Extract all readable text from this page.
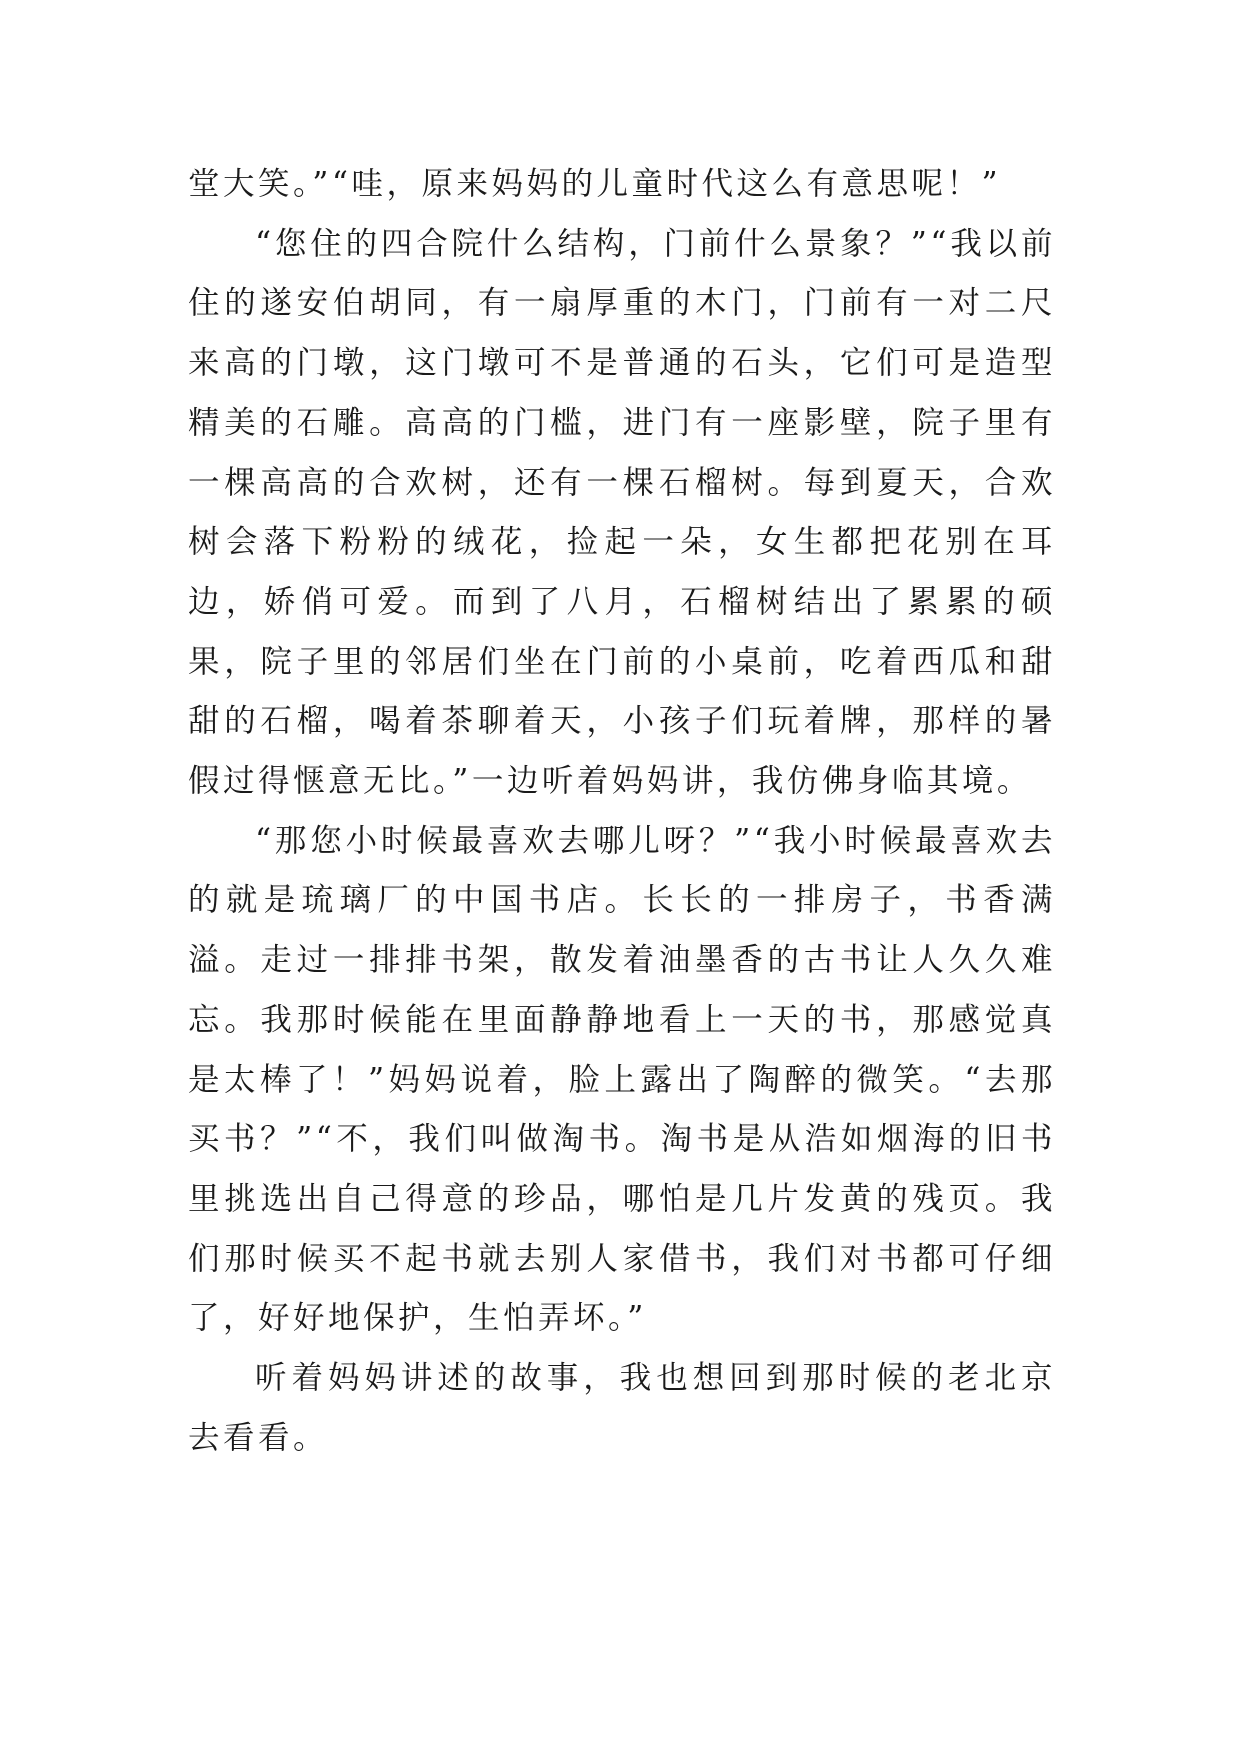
堂大笑。”“哇，原来妈妈的儿童时代这么有意思呢！”

“您住的四合院什么结构，门前什么景象？”“我以前住的遂安伯胡同，有一扇厚重的木门，门前有一对二尺来高的门墩，这门墩可不是普通的石头，它们可是造型精美的石雕。高高的门槛，进门有一座影壁，院子里有一棵高高的合欢树，还有一棵石榴树。每到夏天，合欢树会落下粉粉的绒花，捡起一朵，女生都把花别在耳边，娇俏可爱。而到了八月，石榴树结出了累累的硕果，院子里的邻居们坐在门前的小桌前，吃着西瓜和甜甜的石榴，喝着茶聊着天，小孩子们玩着牌，那样的暑假过得惬意无比。”一边听着妈妈讲，我仿佛身临其境。

“那您小时候最喜欢去哪儿呀？”“我小时候最喜欢去的就是琉璃厂的中国书店。长长的一排房子，书香满溢。走过一排排书架，散发着油墨香的古书让人久久难忘。我那时候能在里面静静地看上一天的书，那感觉真是太棒了！”妈妈说着，脸上露出了陶醉的微笑。“去那买书？”“不，我们叫做淘书。淘书是从浩如烟海的旧书里挑选出自己得意的珍品，哪怕是几片发黄的残页。我们那时候买不起书就去别人家借书，我们对书都可仔细了，好好地保护，生怕弄坏。”

听着妈妈讲述的故事，我也想回到那时候的老北京去看看。
